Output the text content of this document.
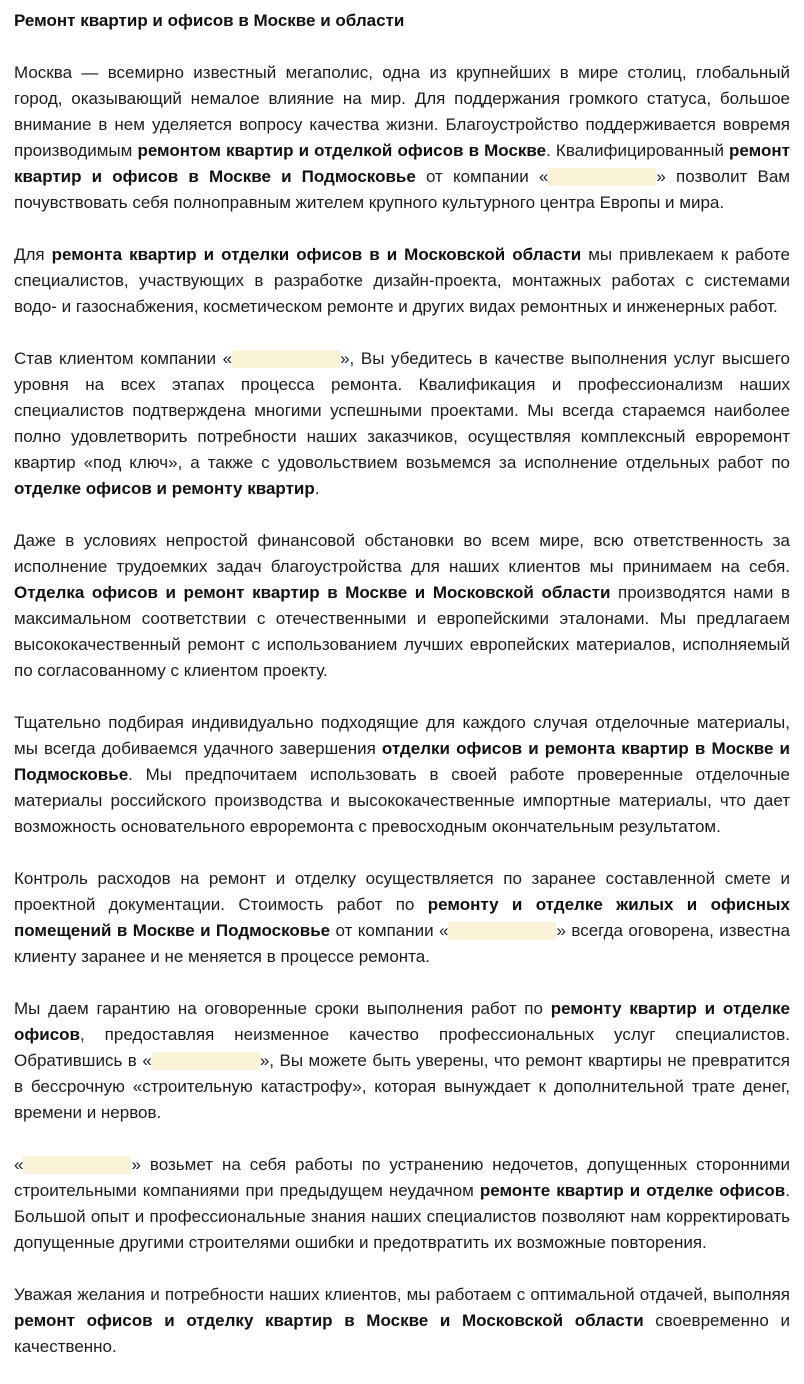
Ремонт квартир и офисов в Москве и области

Москва — всемирно известный мегаполис, одна из крупнейших в мире столиц, глобальный город, оказывающий немалое влияние на мир. Для поддержания громкого статуса, большое внимание в нем уделяется вопросу качества жизни. Благоустройство поддерживается вовремя производимым ремонтом квартир и отделкой офисов в Москве. Квалифицированный ремонт квартир и офисов в Москве и Подмосковье от компании «	» позволит Вам почувствовать себя полноправным жителем крупного культурного центра Европы и мира.

Для ремонта квартир и отделки офисов в и Московской области мы привлекаем к работе специалистов, участвующих в разработке дизайн-проекта, монтажных работах с системами водо- и газоснабжения, косметическом ремонте и других видах ремонтных и инженерных работ.

Став клиентом компании «	», Вы убедитесь в качестве выполнения услуг высшего уровня на всех этапах процесса ремонта. Квалификация и профессионализм наших специалистов подтверждена многими успешными проектами. Мы всегда стараемся наиболее полно удовлетворить потребности наших заказчиков, осуществляя комплексный евроремонт квартир «под ключ», а также с удовольствием возьмемся за исполнение отдельных работ по отделке офисов и ремонту квартир.

Даже в условиях непростой финансовой обстановки во всем мире, всю ответственность за исполнение трудоемких задач благоустройства для наших клиентов мы принимаем на себя. Отделка офисов и ремонт квартир в Москве и Московской области производятся нами в максимальном соответствии с отечественными и европейскими эталонами. Мы предлагаем высококачественный ремонт с использованием лучших европейских материалов, исполняемый по согласованному с клиентом проекту.

Тщательно подбирая индивидуально подходящие для каждого случая отделочные материалы, мы всегда добиваемся удачного завершения отделки офисов и ремонта квартир в Москве и Подмосковье. Мы предпочитаем использовать в своей работе проверенные отделочные материалы российского производства и высококачественные импортные материалы, что дает возможность основательного евроремонта с превосходным окончательным результатом.

Контроль расходов на ремонт и отделку осуществляется по заранее составленной смете и проектной документации. Стоимость работ по ремонту и отделке жилых и офисных помещений в Москве и Подмосковье от компании «	» всегда оговорена, известна клиенту заранее и не меняется в процессе ремонта.

Мы даем гарантию на оговоренные сроки выполнения работ по ремонту квартир и отделке офисов, предоставляя неизменное качество профессиональных услуг специалистов. Обратившись в «	», Вы можете быть уверены, что ремонт квартиры не превратится в бессрочную «строительную катастрофу», которая вынуждает к дополнительной трате денег, времени и нервов.

«	» возьмет на себя работы по устранению недочетов, допущенных сторонними строительными компаниями при предыдущем неудачном ремонте квартир и отделке офисов. Большой опыт и профессиональные знания наших специалистов позволяют нам корректировать допущенные другими строителями ошибки и предотвратить их возможные повторения.

Уважая желания и потребности наших клиентов, мы работаем с оптимальной отдачей, выполняя ремонт офисов и отделку квартир в Москве и Московской области своевременно и качественно.
